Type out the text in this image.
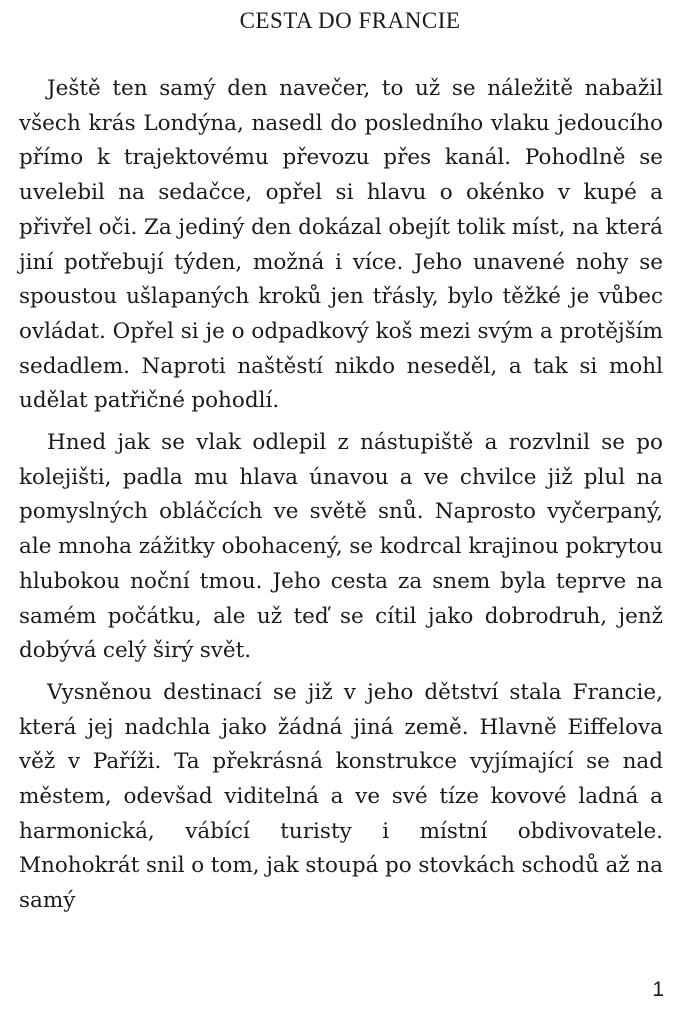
CESTA DO FRANCIE

Ještě ten samý den navečer, to už se náležitě nabažil všech krás Londýna, nasedl do posledního vlaku jedoucího přímo k trajektovému převozu přes kanál. Pohodlně se uvelebil na sedačce, opřel si hlavu o okénko v kupé a přivřel oči. Za jediný den dokázal obejít tolik míst, na která jiní potřebují týden, možná i více. Jeho unavené nohy se spoustou ušlapaných kroků jen třásly, bylo těžké je vůbec ovládat. Opřel si je o odpadkový koš mezi svým a protějším sedadlem. Naproti naštěstí nikdo neseděl, a tak si mohl udělat patřičné pohodlí.

Hned jak se vlak odlepil z nástupiště a rozvlnil se po kolejišti, padla mu hlava únavou a ve chvilce již plul na pomyslných obláčcích ve světě snů. Naprosto vyčerpaný, ale mnoha zážitky obohacený, se kodrcal krajinou pokrytou hlubokou noční tmou. Jeho cesta za snem byla teprve na samém počátku, ale už teď se cítil jako dobrodruh, jenž dobývá celý širý svět.

Vysněnou destinací se již v jeho dětství stala Francie, která jej nadchla jako žádná jiná země. Hlavně Eiffelova věž v Paříži. Ta překrásná konstrukce vyjímající se nad městem, odevšad viditelná a ve své tíze kovové ladná a harmonická, vábící turisty i místní obdivovatele. Mnohokrát snil o tom, jak stoupá po stovkách schodů až na samý

1
